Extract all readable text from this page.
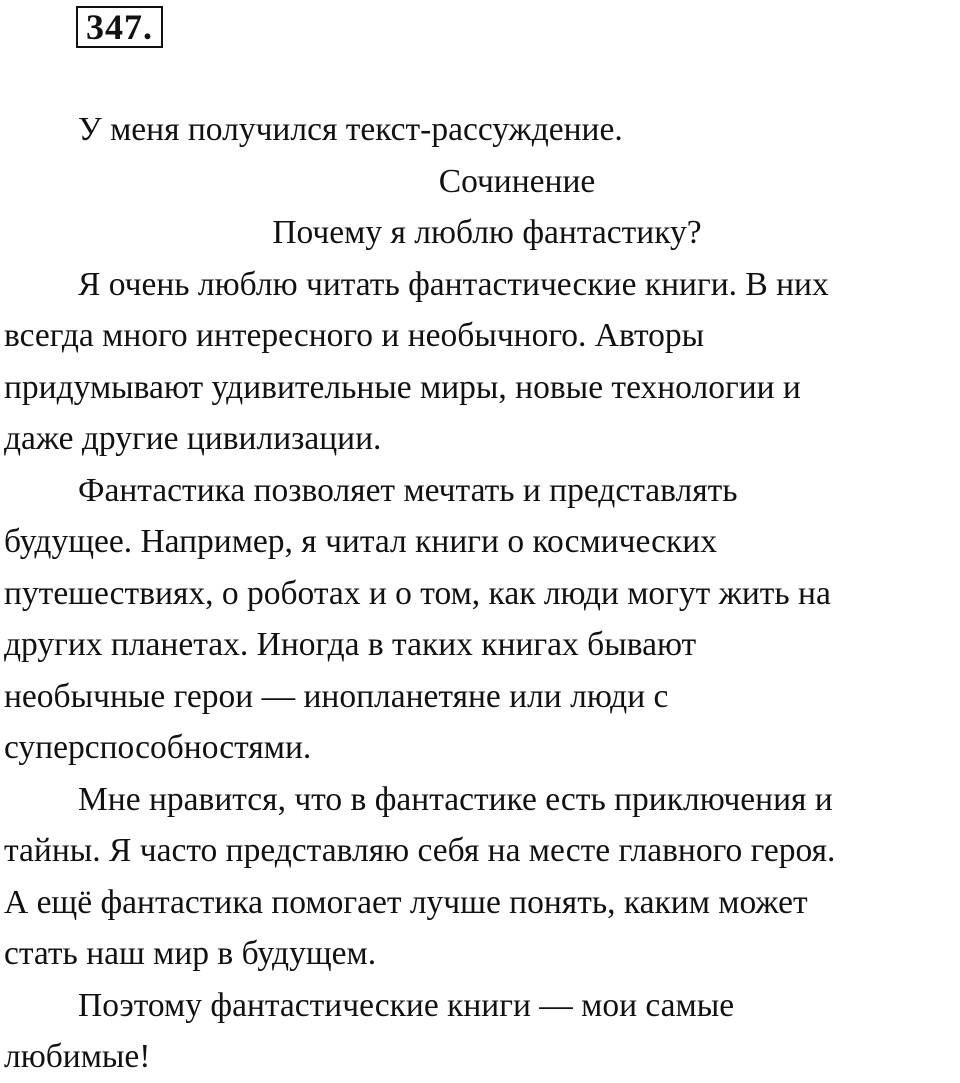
347.
У меня получился текст-рассуждение.
Сочинение
Почему я люблю фантастику?
Я очень люблю читать фантастические книги. В них
всегда много интересного и необычного. Авторы
придумывают удивительные миры, новые технологии и
даже другие цивилизации.
Фантастика позволяет мечтать и представлять
будущее. Например, я читал книги о космических
путешествиях, о роботах и о том, как люди могут жить на
других планетах. Иногда в таких книгах бывают
необычные герои — инопланетяне или люди с
суперспособностями.
Мне нравится, что в фантастике есть приключения и
тайны. Я часто представляю себя на месте главного героя.
А ещё фантастика помогает лучше понять, каким может
стать наш мир в будущем.
Поэтому фантастические книги — мои самые
любимые!
